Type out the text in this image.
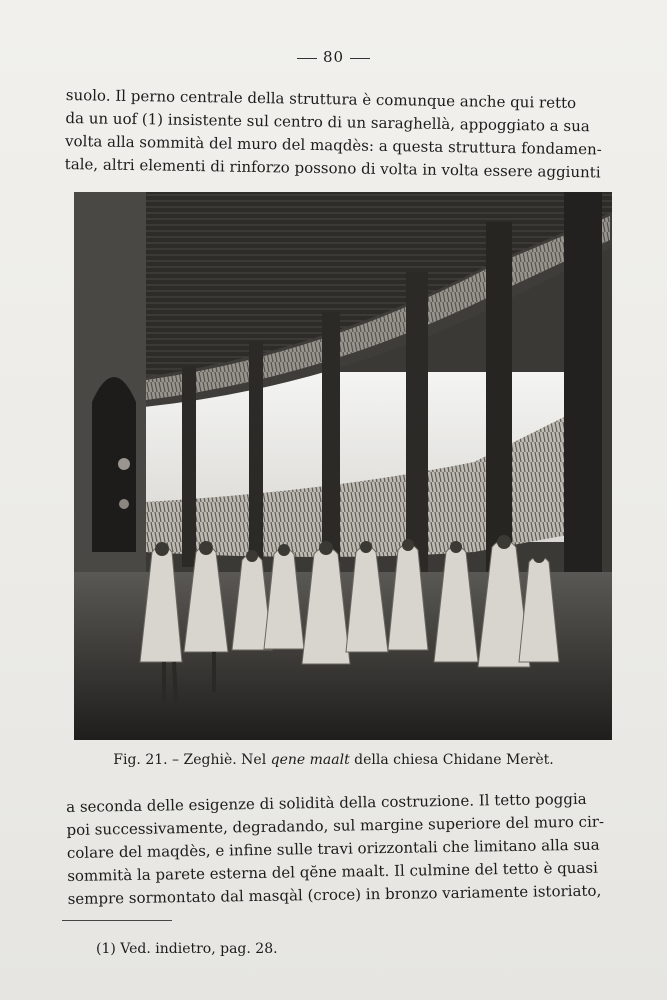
80
suolo. Il perno centrale della struttura è comunque anche qui retto
da un uof (1) insistente sul centro di un saraghellà, appoggiato a sua
volta alla sommità del muro del maqdès: a questa struttura fondamen-
tale, altri elementi di rinforzo possono di volta in volta essere aggiunti
Fig. 21. – Zeghiè. Nel qene maalt della chiesa Chidane Merèt.
a seconda delle esigenze di solidità della costruzione. Il tetto poggia
poi successivamente, degradando, sul margine superiore del muro cir-
colare del maqdès, e infine sulle travi orizzontali che limitano alla sua
sommità la parete esterna del qĕne maalt. Il culmine del tetto è quasi
sempre sormontato dal masqàl (croce) in bronzo variamente istoriato,
(1) Ved. indietro, pag. 28.
